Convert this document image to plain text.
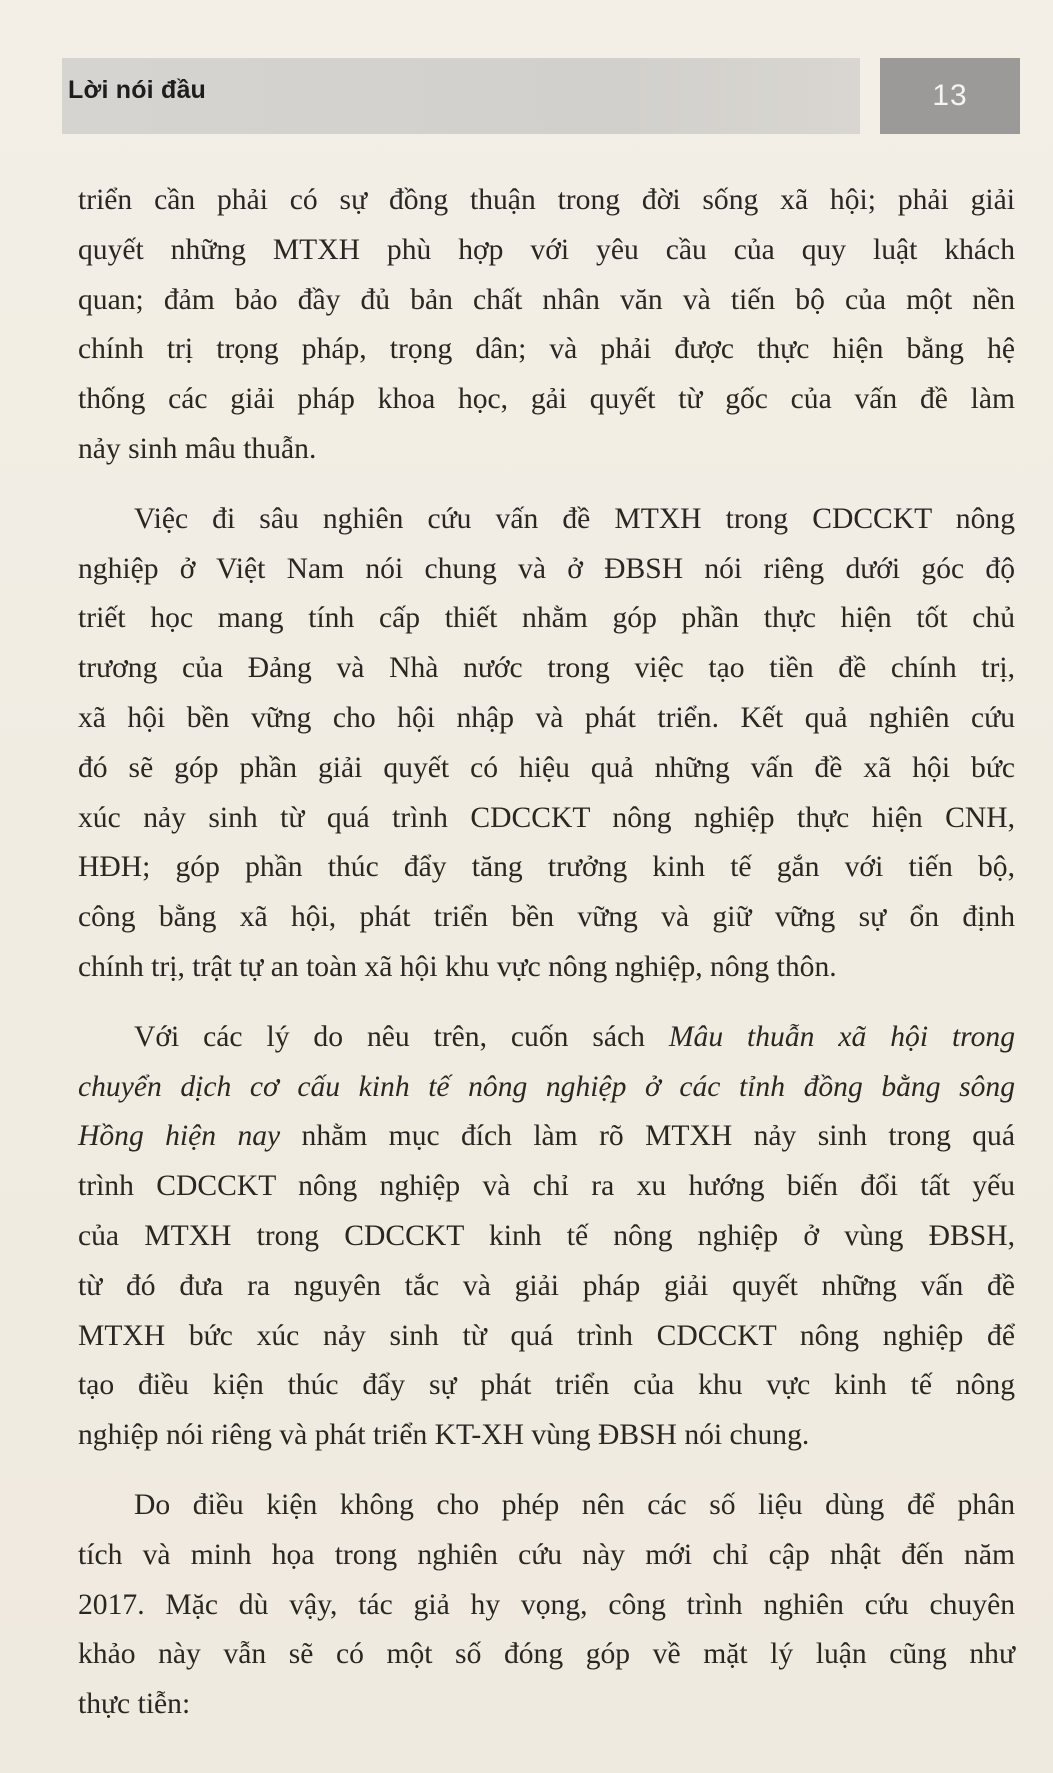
Lời nói đầu	13

triển cần phải có sự đồng thuận trong đời sống xã hội; phải giải
quyết những MTXH phù hợp với yêu cầu của quy luật khách
quan; đảm bảo đầy đủ bản chất nhân văn và tiến bộ của một nền
chính trị trọng pháp, trọng dân; và phải được thực hiện bằng hệ
thống các giải pháp khoa học, gải quyết từ gốc của vấn đề làm
nảy sinh mâu thuẫn.

Việc đi sâu nghiên cứu vấn đề MTXH trong CDCCKT nông
nghiệp ở Việt Nam nói chung và ở ĐBSH nói riêng dưới góc độ
triết học mang tính cấp thiết nhằm góp phần thực hiện tốt chủ
trương của Đảng và Nhà nước trong việc tạo tiền đề chính trị,
xã hội bền vững cho hội nhập và phát triển. Kết quả nghiên cứu
đó sẽ góp phần giải quyết có hiệu quả những vấn đề xã hội bức
xúc nảy sinh từ quá trình CDCCKT nông nghiệp thực hiện CNH,
HĐH; góp phần thúc đẩy tăng trưởng kinh tế gắn với tiến bộ,
công bằng xã hội, phát triển bền vững và giữ vững sự ổn định
chính trị, trật tự an toàn xã hội khu vực nông nghiệp, nông thôn.

Với các lý do nêu trên, cuốn sách Mâu thuẫn xã hội trong
chuyển dịch cơ cấu kinh tế nông nghiệp ở các tỉnh đồng bằng sông
Hồng hiện nay nhằm mục đích làm rõ MTXH nảy sinh trong quá
trình CDCCKT nông nghiệp và chỉ ra xu hướng biến đổi tất yếu
của MTXH trong CDCCKT kinh tế nông nghiệp ở vùng ĐBSH,
từ đó đưa ra nguyên tắc và giải pháp giải quyết những vấn đề
MTXH bức xúc nảy sinh từ quá trình CDCCKT nông nghiệp để
tạo điều kiện thúc đẩy sự phát triển của khu vực kinh tế nông
nghiệp nói riêng và phát triển KT-XH vùng ĐBSH nói chung.

Do điều kiện không cho phép nên các số liệu dùng để phân
tích và minh họa trong nghiên cứu này mới chỉ cập nhật đến năm
2017. Mặc dù vậy, tác giả hy vọng, công trình nghiên cứu chuyên
khảo này vẫn sẽ có một số đóng góp về mặt lý luận cũng như
thực tiễn:
